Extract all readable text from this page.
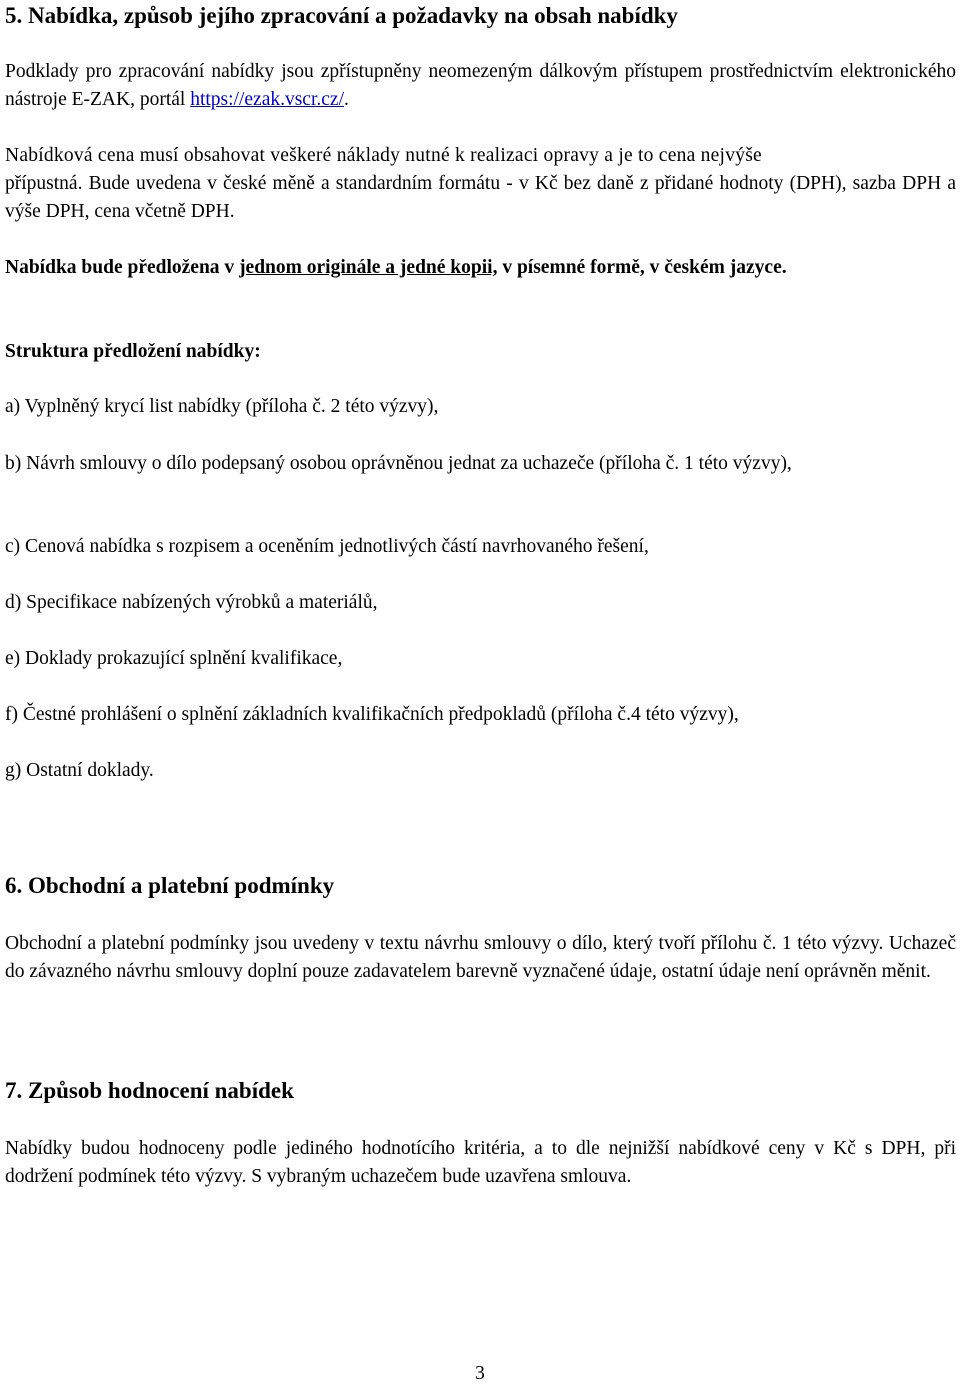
5. Nabídka, způsob jejího zpracování a požadavky na obsah nabídky

Podklady pro zpracování nabídky jsou zpřístupněny neomezeným dálkovým přístupem prostřednictvím elektronického nástroje E-ZAK, portál https://ezak.vscr.cz/.

Nabídková cena musí obsahovat veškeré náklady nutné k realizaci opravy a je to cena nejvýše

přípustná. Bude uvedena v české měně a standardním formátu - v Kč bez daně z přidané hodnoty (DPH), sazba DPH a výše DPH, cena včetně DPH.

Nabídka bude předložena v jednom originále a jedné kopii, v písemné formě, v českém jazyce.

Struktura předložení nabídky:

a) Vyplněný krycí list nabídky (příloha č. 2 této výzvy),

b) Návrh smlouvy o dílo podepsaný osobou oprávněnou jednat za uchazeče (příloha č. 1 této výzvy),

c) Cenová nabídka s rozpisem a oceněním jednotlivých částí navrhovaného řešení,

d) Specifikace nabízených výrobků a materiálů,

e) Doklady prokazující splnění kvalifikace,

f) Čestné prohlášení o splnění základních kvalifikačních předpokladů (příloha č.4 této výzvy),

g) Ostatní doklady.

6. Obchodní a platební podmínky

Obchodní a platební podmínky jsou uvedeny v textu návrhu smlouvy o dílo, který tvoří přílohu č. 1 této výzvy. Uchazeč do závazného návrhu smlouvy doplní pouze zadavatelem barevně vyznačené údaje, ostatní údaje není oprávněn měnit.

7. Způsob hodnocení nabídek

Nabídky budou hodnoceny podle jediného hodnotícího kritéria, a to dle nejnižší nabídkové ceny v Kč s DPH, při dodržení podmínek této výzvy. S vybraným uchazečem bude uzavřena smlouva.

3
